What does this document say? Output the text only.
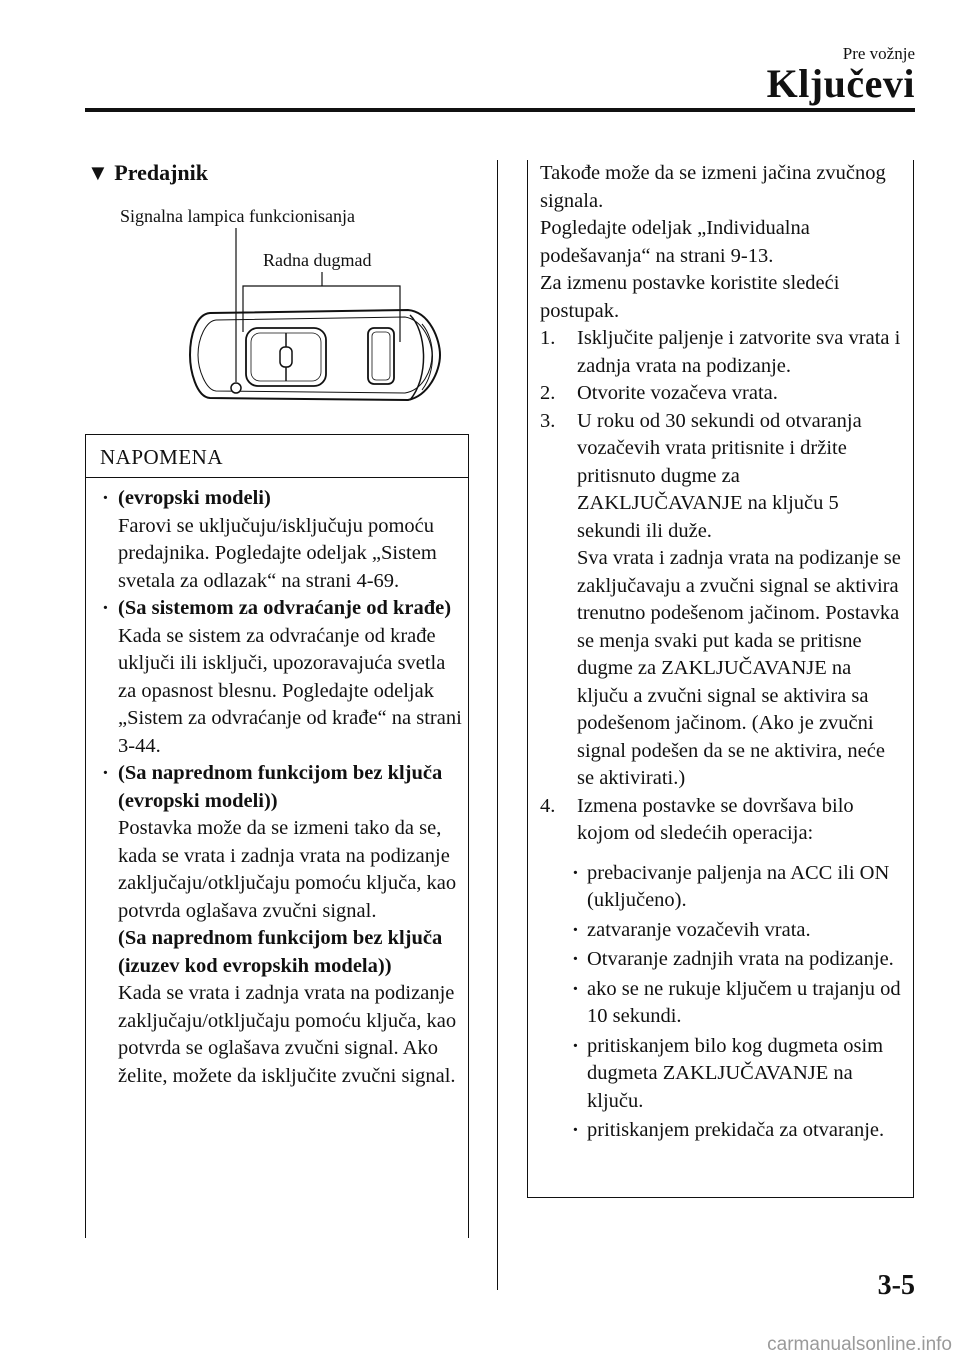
Pre vožnje
Ključevi
▼ Predajnik
Signalna lampica funkcionisanja
Radna dugmad
NAPOMENA
· (evropski modeli)
Farovi se uključuju/isključuju pomoću predajnika. Pogledajte odeljak „Sistem svetala za odlazak“ na strani 4-69.
· (Sa sistemom za odvraćanje od krađe)
Kada se sistem za odvraćanje od krađe uključi ili isključi, upozoravajuća svetla za opasnost blesnu. Pogledajte odeljak „Sistem za odvraćanje od krađe“ na strani 3-44.
· (Sa naprednom funkcijom bez ključa (evropski modeli))
Postavka može da se izmeni tako da se, kada se vrata i zadnja vrata na podizanje zaključaju/otključaju pomoću ključa, kao potvrda oglašava zvučni signal.
(Sa naprednom funkcijom bez ključa (izuzev kod evropskih modela))
Kada se vrata i zadnja vrata na podizanje zaključaju/otključaju pomoću ključa, kao potvrda se oglašava zvučni signal. Ako želite, možete da isključite zvučni signal.

Takođe može da se izmeni jačina zvučnog signala.

Pogledajte odeljak „Individualna podešavanja“ na strani 9-13.

Za izmenu postavke koristite sledeći postupak.

1. Isključite paljenje i zatvorite sva vrata i zadnja vrata na podizanje.
2. Otvorite vozačeva vrata.
3. U roku od 30 sekundi od otvaranja vozačevih vrata pritisnite i držite pritisnuto dugme za ZAKLJUČAVANJE na ključu 5 sekundi ili duže.
Sva vrata i zadnja vrata na podizanje se zaključavaju a zvučni signal se aktivira trenutno podešenom jačinom. Postavka se menja svaki put kada se pritisne dugme za ZAKLJUČAVANJE na ključu a zvučni signal se aktivira sa podešenom jačinom. (Ako je zvučni signal podešen da se ne aktivira, neće se aktivirati.)
4. Izmena postavke se dovršava bilo kojom od sledećih operacija:
· prebacivanje paljenja na ACC ili ON (uključeno).
· zatvaranje vozačevih vrata.
· Otvaranje zadnjih vrata na podizanje.
· ako se ne rukuje ključem u trajanju od 10 sekundi.
· pritiskanjem bilo kog dugmeta osim dugmeta ZAKLJUČAVANJE na ključu.
· pritiskanjem prekidača za otvaranje.
3-5
carmanualsonline.info
